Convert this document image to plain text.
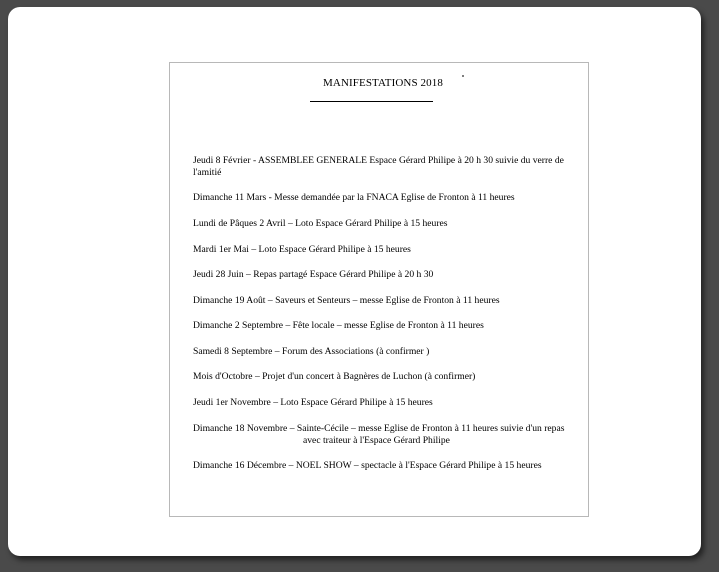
MANIFESTATIONS 2018
Jeudi 8 Février - ASSEMBLEE GENERALE Espace Gérard Philipe à 20 h 30 suivie du verre de
l'amitié
Dimanche 11 Mars - Messe demandée par la FNACA Eglise de Fronton à 11 heures
Lundi de Pâques 2 Avril – Loto Espace Gérard Philipe à 15 heures
Mardi 1er Mai – Loto Espace Gérard Philipe à 15 heures
Jeudi 28 Juin – Repas partagé Espace Gérard Philipe à 20 h 30
Dimanche 19 Août – Saveurs et Senteurs – messe Eglise de Fronton à 11 heures
Dimanche 2 Septembre – Fête locale – messe Eglise de Fronton à 11 heures
Samedi 8 Septembre – Forum des Associations (à confirmer )
Mois d'Octobre – Projet d'un concert à Bagnères de Luchon (à confirmer)
Jeudi 1er Novembre – Loto Espace Gérard Philipe à 15 heures
Dimanche 18 Novembre – Sainte-Cécile – messe Eglise de Fronton à 11 heures suivie d'un repas
avec traiteur à l'Espace Gérard Philipe
Dimanche 16 Décembre – NOEL SHOW – spectacle à l'Espace Gérard Philipe à 15 heures
